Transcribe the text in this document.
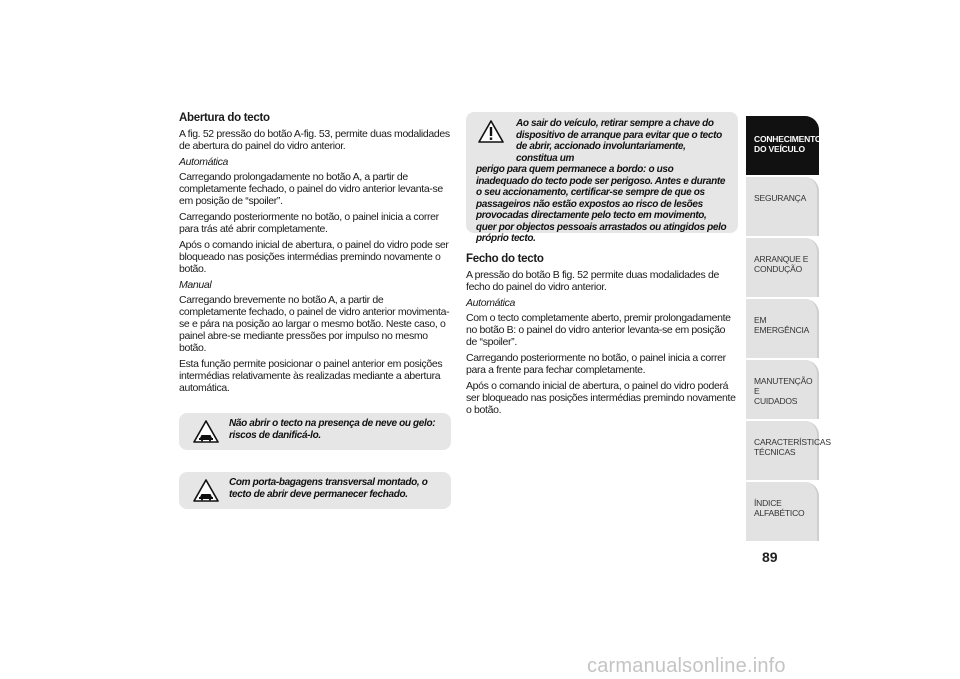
Abertura do tecto
A fig. 52 pressão do botão A-fig. 53, permite duas modalidades de abertura do painel do vidro anterior.
Automática
Carregando prolongadamente no botão A, a partir de completamente fechado, o painel do vidro anterior levanta-se em posição de “spoiler”.
Carregando posteriormente no botão, o painel inicia a correr para trás até abrir completamente.
Após o comando inicial de abertura, o painel do vidro pode ser bloqueado nas posições intermédias premindo novamente o botão.
Manual
Carregando brevemente no botão A, a partir de completamente fechado, o painel de vidro anterior movimenta-se e pára na posição ao largar o mesmo botão. Neste caso, o painel abre-se mediante pressões por impulso no mesmo botão.
Esta função permite posicionar o painel anterior em posições intermédias relativamente às realizadas mediante a abertura automática.
Não abrir o tecto na presença de neve ou gelo: riscos de danificá-lo.
Com porta-bagagens transversal montado, o tecto de abrir deve permanecer fechado.
Ao sair do veículo, retirar sempre a chave do dispositivo de arranque para evitar que o tecto de abrir, accionado involuntariamente, constitua um
perigo para quem permanece a bordo: o uso inadequado do tecto pode ser perigoso. Antes e durante o seu accionamento, certificar-se sempre de que os passageiros não estão expostos ao risco de lesões provocadas directamente pelo tecto em movimento, quer por objectos pessoais arrastados ou atingidos pelo próprio tecto.
Fecho do tecto
A pressão do botão B fig. 52 permite duas modalidades de fecho do painel do vidro anterior.
Automática
Com o tecto completamente aberto, premir prolongadamente no botão B: o painel do vidro anterior levanta-se em posição de “spoiler”.
Carregando posteriormente no botão, o painel inicia a correr para a frente para fechar completamente.
Após o comando inicial de abertura, o painel do vidro poderá ser bloqueado nas posições intermédias premindo novamente o botão.
CONHECIMENTO
DO VEÍCULO
SEGURANÇA
ARRANQUE E
CONDUÇÃO
EM EMERGÊNCIA
MANUTENÇÃO E
CUIDADOS
CARACTERÍSTICAS
TÉCNICAS
ÍNDICE ALFABÉTICO
89
carmanualsonline.info
